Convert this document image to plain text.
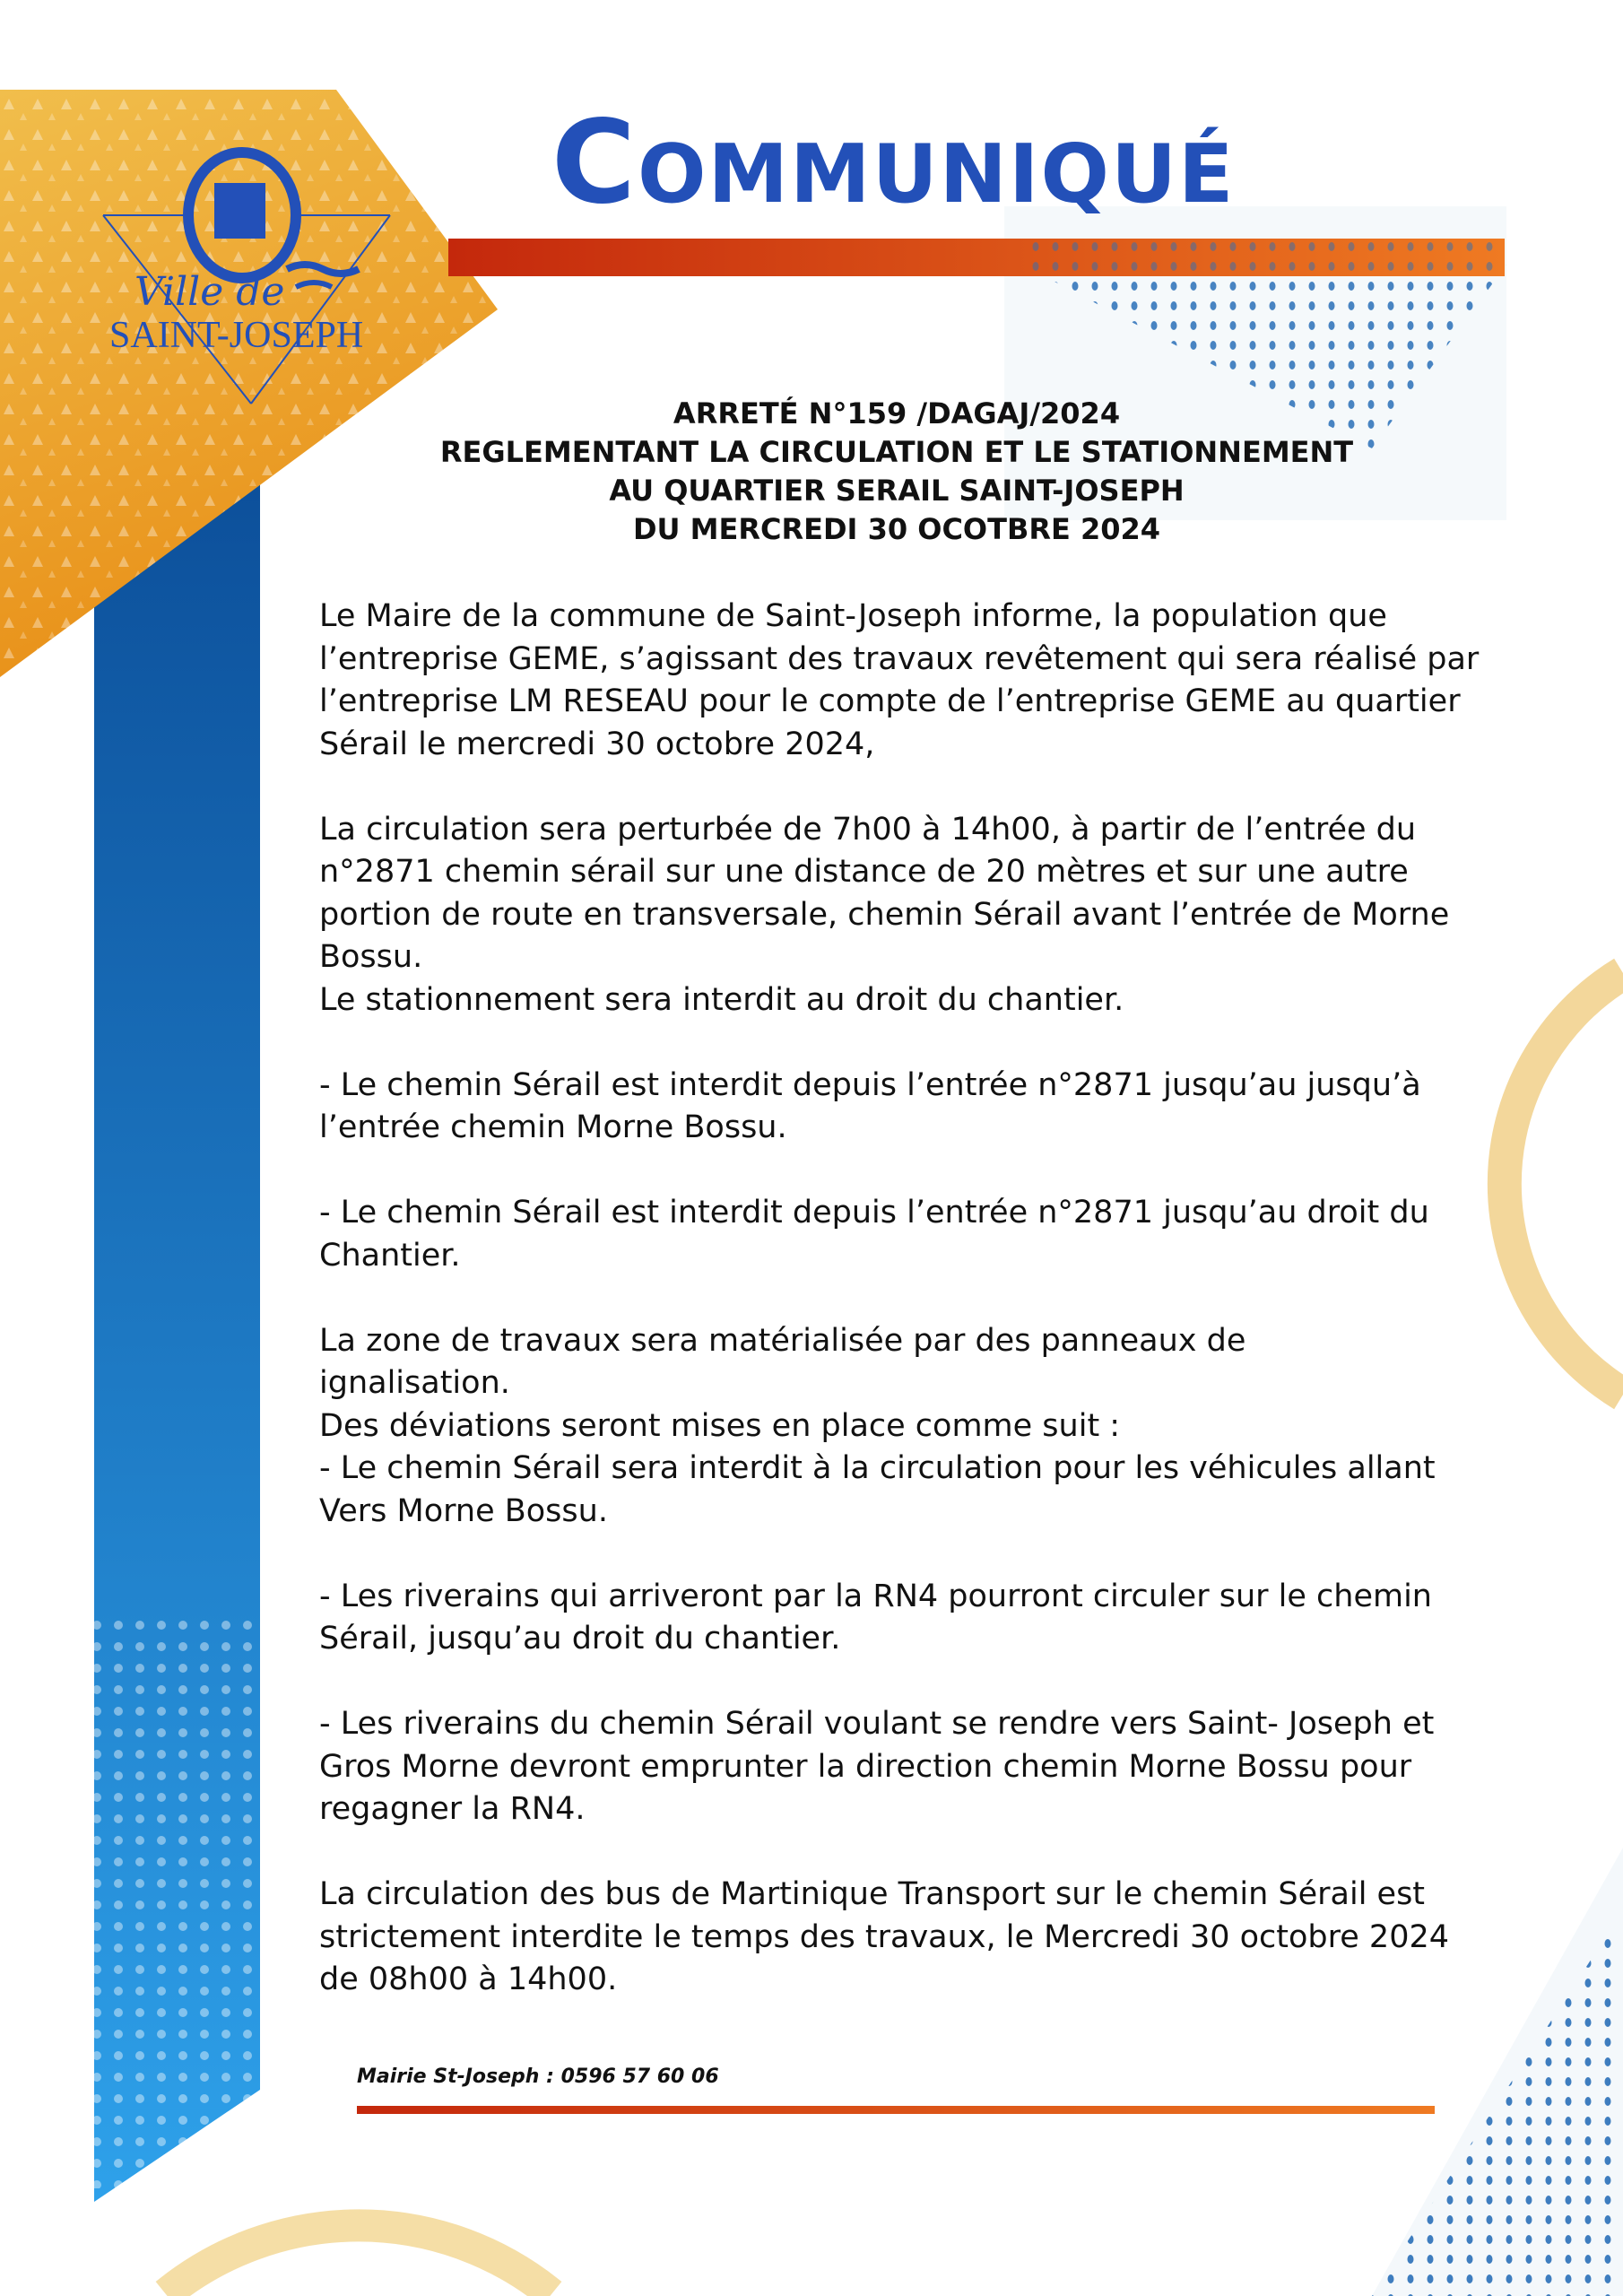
Ville de
SAINT-JOSEPH
Communiqué
ARRETÉ N°159 /DAGAJ/2024
REGLEMENTANT LA CIRCULATION ET LE STATIONNEMENT
AU QUARTIER SERAIL SAINT-JOSEPH
DU MERCREDI 30 OCOTBRE 2024
Le Maire de la commune de Saint-Joseph informe, la population que
l’entreprise GEME, s’agissant des travaux revêtement qui sera réalisé par
l’entreprise LM RESEAU pour le compte de l’entreprise GEME au quartier
Sérail le mercredi 30 octobre 2024,
La circulation sera perturbée de 7h00 à 14h00, à partir de l’entrée du
n°2871 chemin sérail sur une distance de 20 mètres et sur une autre
portion de route en transversale, chemin Sérail avant l’entrée de Morne
Bossu.
Le stationnement sera interdit au droit du chantier.
- Le chemin Sérail est interdit depuis l’entrée n°2871 jusqu’au jusqu’à
l’entrée chemin Morne Bossu.
- Le chemin Sérail est interdit depuis l’entrée n°2871 jusqu’au droit du
Chantier.
La zone de travaux sera matérialisée par des panneaux de
ignalisation.
Des déviations seront mises en place comme suit :
- Le chemin Sérail sera interdit à la circulation pour les véhicules allant
Vers Morne Bossu.
- Les riverains qui arriveront par la RN4 pourront circuler sur le chemin
Sérail, jusqu’au droit du chantier.
- Les riverains du chemin Sérail voulant se rendre vers Saint- Joseph et
Gros Morne devront emprunter la direction chemin Morne Bossu pour
regagner la RN4.
La circulation des bus de Martinique Transport sur le chemin Sérail est
strictement interdite le temps des travaux, le Mercredi 30 octobre 2024
de 08h00 à 14h00.
Mairie St-Joseph : 0596 57 60 06
